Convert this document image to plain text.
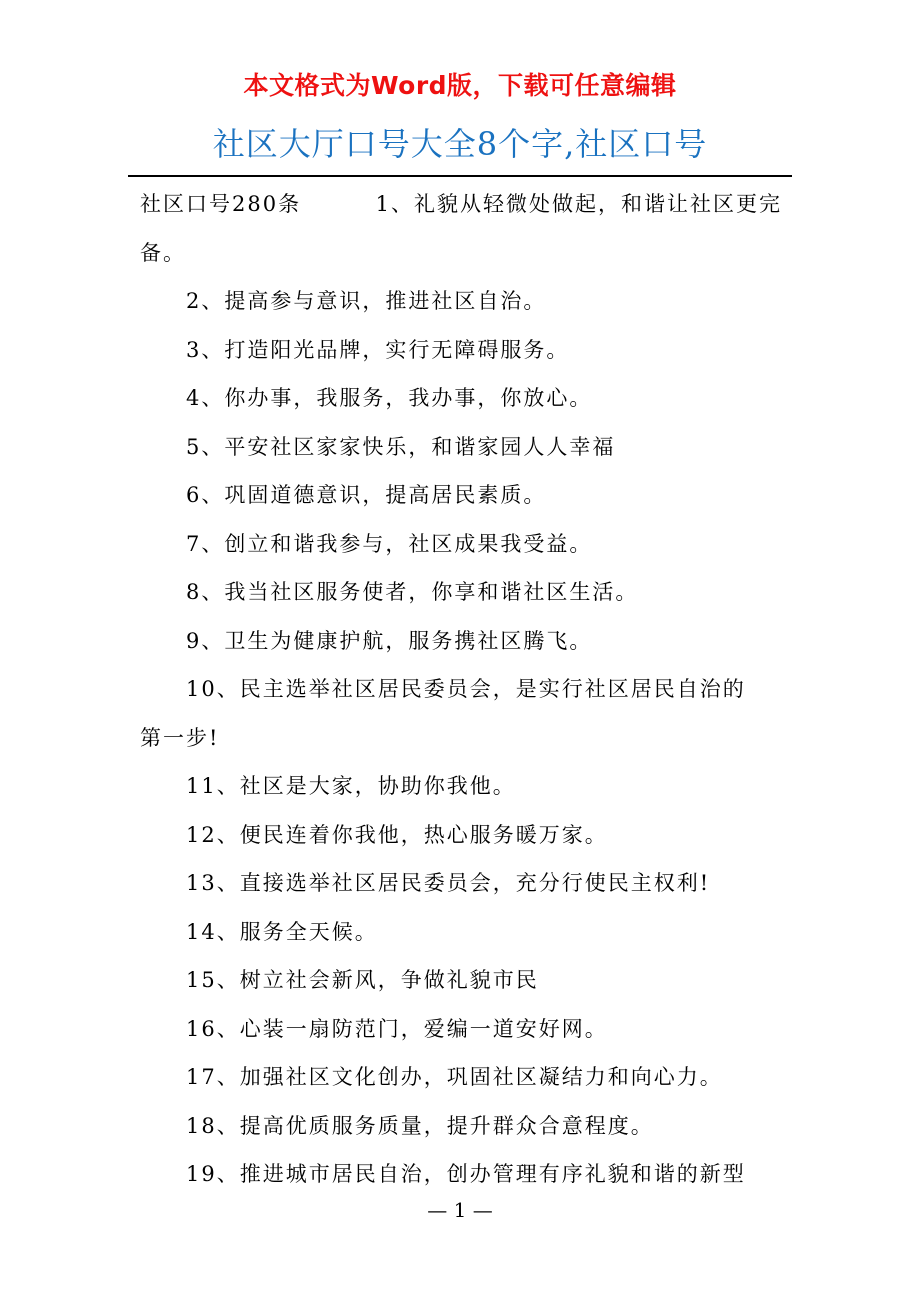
本文格式为Word版，下载可任意编辑
社区大厅口号大全8个字,社区口号

社区口号280条	1、礼貌从轻微处做起，和谐让社区更完

备。

2、提高参与意识，推进社区自治。

3、打造阳光品牌，实行无障碍服务。

4、你办事，我服务，我办事，你放心。

5、平安社区家家快乐，和谐家园人人幸福

6、巩固道德意识，提高居民素质。

7、创立和谐我参与，社区成果我受益。

8、我当社区服务使者，你享和谐社区生活。

9、卫生为健康护航，服务携社区腾飞。

10、民主选举社区居民委员会，是实行社区居民自治的

第一步!

11、社区是大家，协助你我他。

12、便民连着你我他，热心服务暖万家。

13、直接选举社区居民委员会，充分行使民主权利!

14、服务全天候。

15、树立社会新风，争做礼貌市民

16、心装一扇防范门，爱编一道安好网。

17、加强社区文化创办，巩固社区凝结力和向心力。

18、提高优质服务质量，提升群众合意程度。

19、推进城市居民自治，创办管理有序礼貌和谐的新型

— 1 —
